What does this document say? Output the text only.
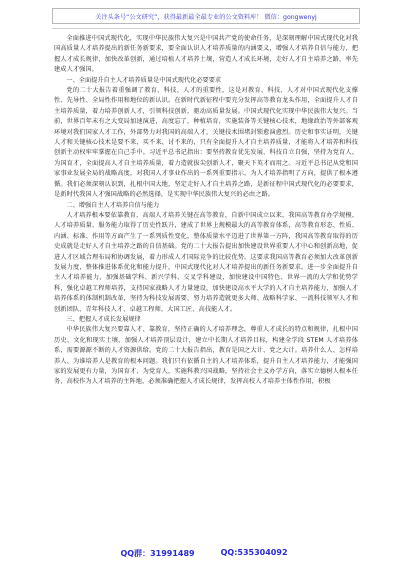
关注头条号“公文研究”，获得最新最全最专业的公文资料库！ 微信：gongwenyj

全面推进中国式现代化，实现中华民族伟大复兴是中国共产党的使命任务，是深刻理解中国式现代化对我国高质量人才培养提出的新任务新要求，要全面认识人才培养质量的内涵要义，增强人才培养自信与能力，把握人才成长规律，加快改革创新，通过培植人才培养土壤，营造人才成长环境，走好人才自主培养之路，率先建成人才强国。

一、全面提升自主人才培养质量是中国式现代化必要要求

党的二十大报告着重强调了教育、科技、人才的重要性，这是对教育、科技、人才对中国式现代化支撑性、先导性、全局性作用和地位的新认识。在新时代新征程中要充分发挥高等教育龙头作用，全面提升人才自主培养质量，着力培养创新人才，引领科技创新，驱动高质量发展。中国式现代化实现中华民族伟大复兴。当前，世界百年未有之大变局加速演进，高度忘了，种植培育，实施装备等关键核心技术，地缘政治等外部客观环境对我们国家人才工作，外部势力对我国的高端人才，关键技术围堵封锁愈演愈烈。历史和事实证明，关键人才和关键核心技术是要不来、买不来、讨不来的，只有全面提升人才自主培养质量，才能将人才培养和科技创新主动权牢牢掌握在自己手中。习近平总书记指出：要坚持教育优先发展、科技自立自强，坚持为党育人、为国育才，全面提高人才自主培养质量，着力造就拔尖创新人才，聚天下英才而用之。习近平总书记从党和国家事业发展全局的战略高度，对我国人才事业作出的一系列重要指示，为人才培养指明了方向，提供了根本遵循。我们必须深刻认识到，扎根中国大地，坚定走好人才自主培养之路，是新征程中国式现代化的必要要求，是新时代我国人才强国战略的必然选择，是实现中华民族伟大复兴的必由之路。

二、增强自主人才培养自信与能力

人才培养根本要依靠教育，高端人才培养关键在高等教育，自新中国成立以来，我国高等教育办学规模、人才培养质量、服务能力取得了历史性跃升，建成了世界上规模最大的高等教育体系，高等教育形态、性质、内涵、标准、作用等方面产生了一系列质性变化，整体质量水平迈进了世界第一方阵，我国高等教育取得的历史成就是走好人才自主培养之路的自信基础。党的二十大报告提出加快建设世界重要人才中心和创新高地，促进人才区域合理布局和协调发展，着力形成人才国际竞争的比较优势，这要求我国高等教育必须加大改革创新发展力度，整体推进体系优化和能力提升，中国式现代化对人才培养提出的新任务新要求。进一步全面提升自主人才培养能力，加强基础学科、新兴学科、交叉学科建设，加快建设中国特色、世界一流的大学和优势学科，强化卓越工程师培养，支持国家战略人才力量建设，加快建设高水平大学的人才自主培养能力，加强人才培养体系的体制机制改革，坚持为科技发展需要，努力培养造就更多大师、战略科学家、一流科技领军人才和创新团队、青年科技人才、卓越工程师、大国工匠、高技能人才。

三、把握人才成长发展规律

中华民族伟大复兴要靠人才、靠教育，坚持正确的人才培养理念，尊重人才成长的特点和规律，扎根中国历史、文化和现实土壤，加强人才培养顶层设计，建立中长期人才培养目标，构建全学段 STEM 人才培养体系，需要源源不断的人才资源供给。党的二十大报告指出，教育是国之大计、党之大计。培养什么人、怎样培养人、为谁培养人是教育的根本问题。我们只有依循自主的人才培养体系，提升自主人才培养能力，才能强国家的发展更有力量，为国育才、为党育人，实施科教兴国战略，坚持社会主义办学方向，落实立德树人根本任务，高校作为人才培养的主阵地，必须准确把握人才成长规律，发挥高校人才培养主体性作用，积极

QQ群：31991489	QQ:535304092
